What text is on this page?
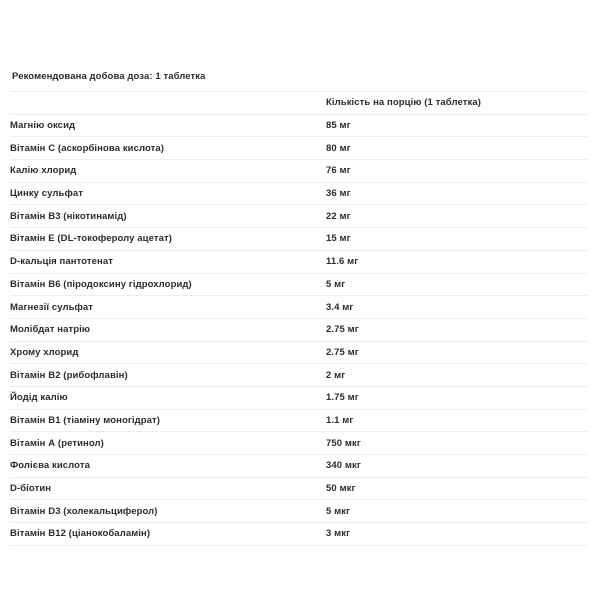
Рекомендована добова доза: 1 таблетка
	Кількість на порцію (1 таблетка)
Магнію оксид	85 мг
Вітамін С (аскорбінова кислота)	80 мг
Калію хлорид	76 мг
Цинку сульфат	36 мг
Вітамін В3 (нікотинамід)	22 мг
Вітамін Е (DL-токоферолу ацетат)	15 мг
D-кальція пантотенат	11.6 мг
Вітамін В6 (піродоксину гідрохлорид)	5 мг
Магнезії сульфат	3.4 мг
Молібдат натрію	2.75 мг
Хрому хлорид	2.75 мг
Вітамін В2 (рибофлавін)	2 мг
Йодід калію	1.75 мг
Вітамін В1 (тіаміну моногідрат)	1.1 мг
Вітамін А (ретинол)	750 мкг
Фолієва кислота	340 мкг
D-біотин	50 мкг
Вітамін D3 (холекальциферол)	5 мкг
Вітамін В12 (ціанокобаламін)	3 мкг
